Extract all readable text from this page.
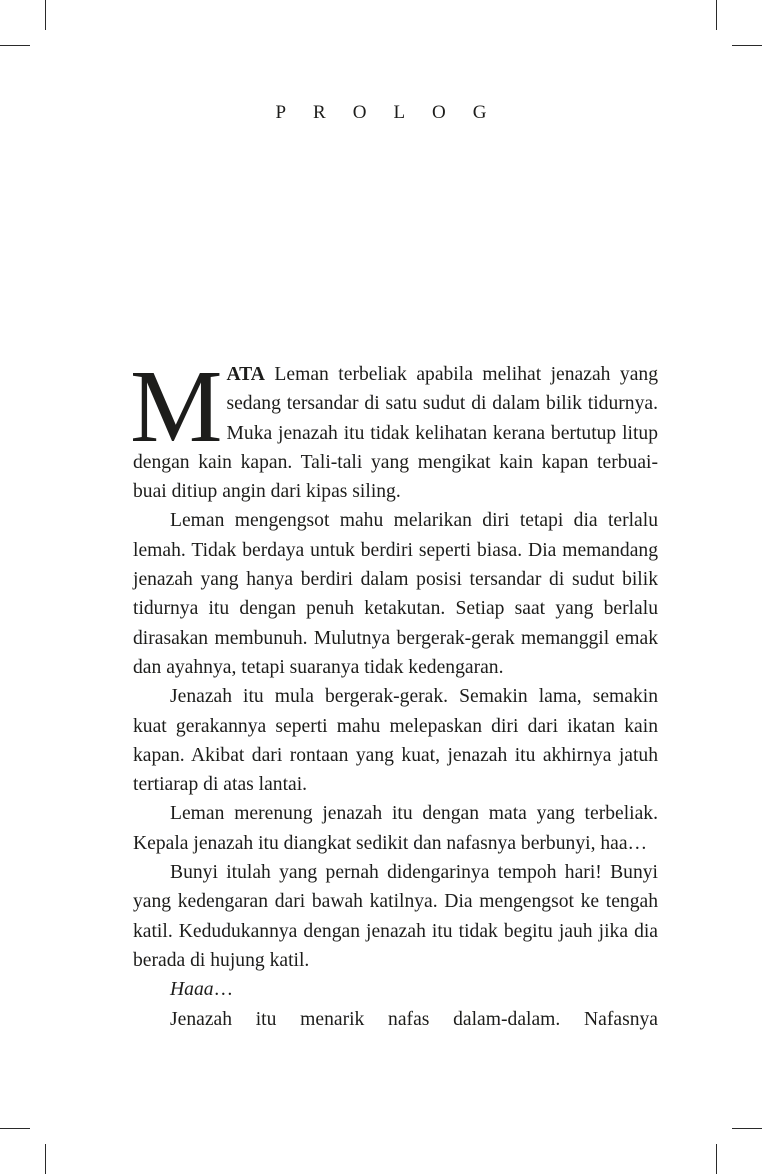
PROLOG

MATA Leman terbeliak apabila melihat jenazah yang sedang tersandar di satu sudut di dalam bilik tidurnya. Muka jenazah itu tidak kelihatan kerana bertutup litup dengan kain kapan. Tali-tali yang mengikat kain kapan terbuai-buai ditiup angin dari kipas siling.

Leman mengengsot mahu melarikan diri tetapi dia terlalu lemah. Tidak berdaya untuk berdiri seperti biasa. Dia memandang jenazah yang hanya berdiri dalam posisi tersandar di sudut bilik tidurnya itu dengan penuh ketakutan. Setiap saat yang berlalu dirasakan membunuh. Mulutnya bergerak-gerak memanggil emak dan ayahnya, tetapi suaranya tidak kedengaran.

Jenazah itu mula bergerak-gerak. Semakin lama, semakin kuat gerakannya seperti mahu melepaskan diri dari ikatan kain kapan. Akibat dari rontaan yang kuat, jenazah itu akhirnya jatuh tertiarap di atas lantai.

Leman merenung jenazah itu dengan mata yang terbeliak. Kepala jenazah itu diangkat sedikit dan nafasnya berbunyi, haa…

Bunyi itulah yang pernah didengarinya tempoh hari! Bunyi yang kedengaran dari bawah katilnya. Dia mengengsot ke tengah katil. Kedudukannya dengan jenazah itu tidak begitu jauh jika dia berada di hujung katil.

Haaa…

Jenazah itu menarik nafas dalam-dalam. Nafasnya
